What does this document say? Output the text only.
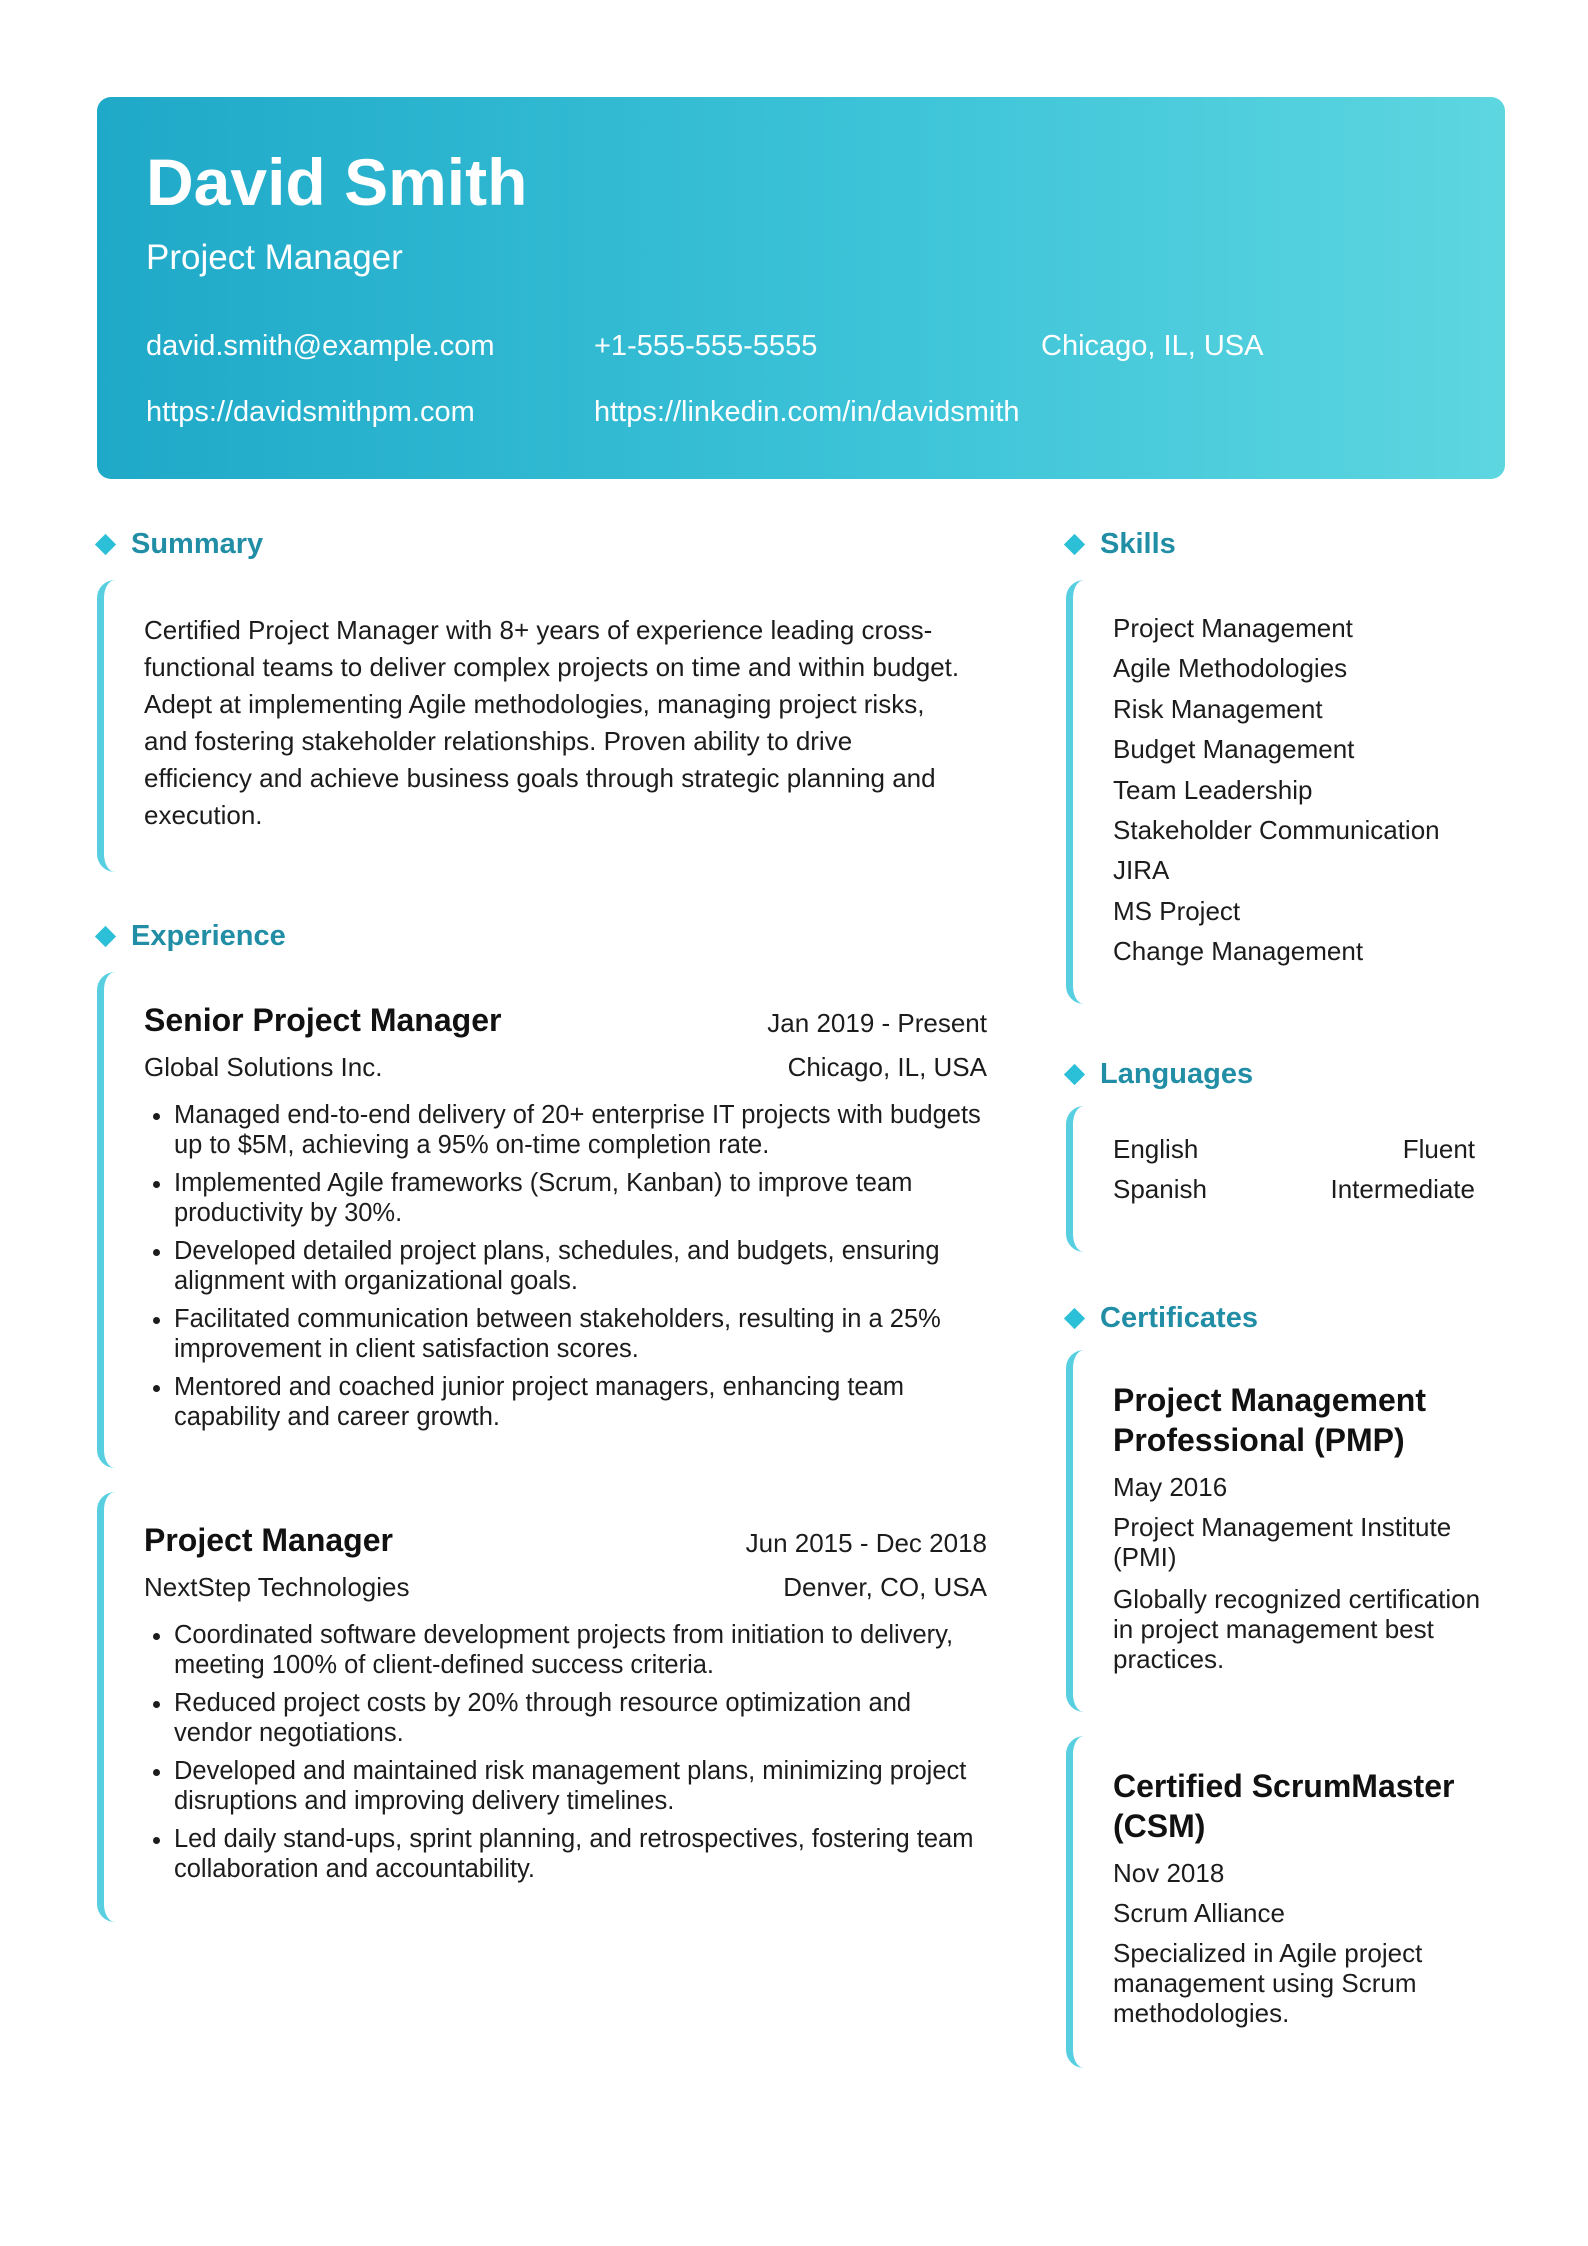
David Smith
Project Manager
david.smith@example.com	+1-555-555-5555	Chicago, IL, USA
https://davidsmithpm.com	https://linkedin.com/in/davidsmith
Summary
Certified Project Manager with 8+ years of experience leading cross-functional teams to deliver complex projects on time and within budget. Adept at implementing Agile methodologies, managing project risks, and fostering stakeholder relationships. Proven ability to drive efficiency and achieve business goals through strategic planning and execution.
Experience
Senior Project Manager	Jan 2019 - Present
Global Solutions Inc.	Chicago, IL, USA
• Managed end-to-end delivery of 20+ enterprise IT projects with budgets up to $5M, achieving a 95% on-time completion rate.
• Implemented Agile frameworks (Scrum, Kanban) to improve team productivity by 30%.
• Developed detailed project plans, schedules, and budgets, ensuring alignment with organizational goals.
• Facilitated communication between stakeholders, resulting in a 25% improvement in client satisfaction scores.
• Mentored and coached junior project managers, enhancing team capability and career growth.
Project Manager	Jun 2015 - Dec 2018
NextStep Technologies	Denver, CO, USA
• Coordinated software development projects from initiation to delivery, meeting 100% of client-defined success criteria.
• Reduced project costs by 20% through resource optimization and vendor negotiations.
• Developed and maintained risk management plans, minimizing project disruptions and improving delivery timelines.
• Led daily stand-ups, sprint planning, and retrospectives, fostering team collaboration and accountability.
Skills
Project Management
Agile Methodologies
Risk Management
Budget Management
Team Leadership
Stakeholder Communication
JIRA
MS Project
Change Management
Languages
English	Fluent
Spanish	Intermediate
Certificates
Project Management Professional (PMP)
May 2016
Project Management Institute (PMI)
Globally recognized certification in project management best practices.
Certified ScrumMaster (CSM)
Nov 2018
Scrum Alliance
Specialized in Agile project management using Scrum methodologies.
